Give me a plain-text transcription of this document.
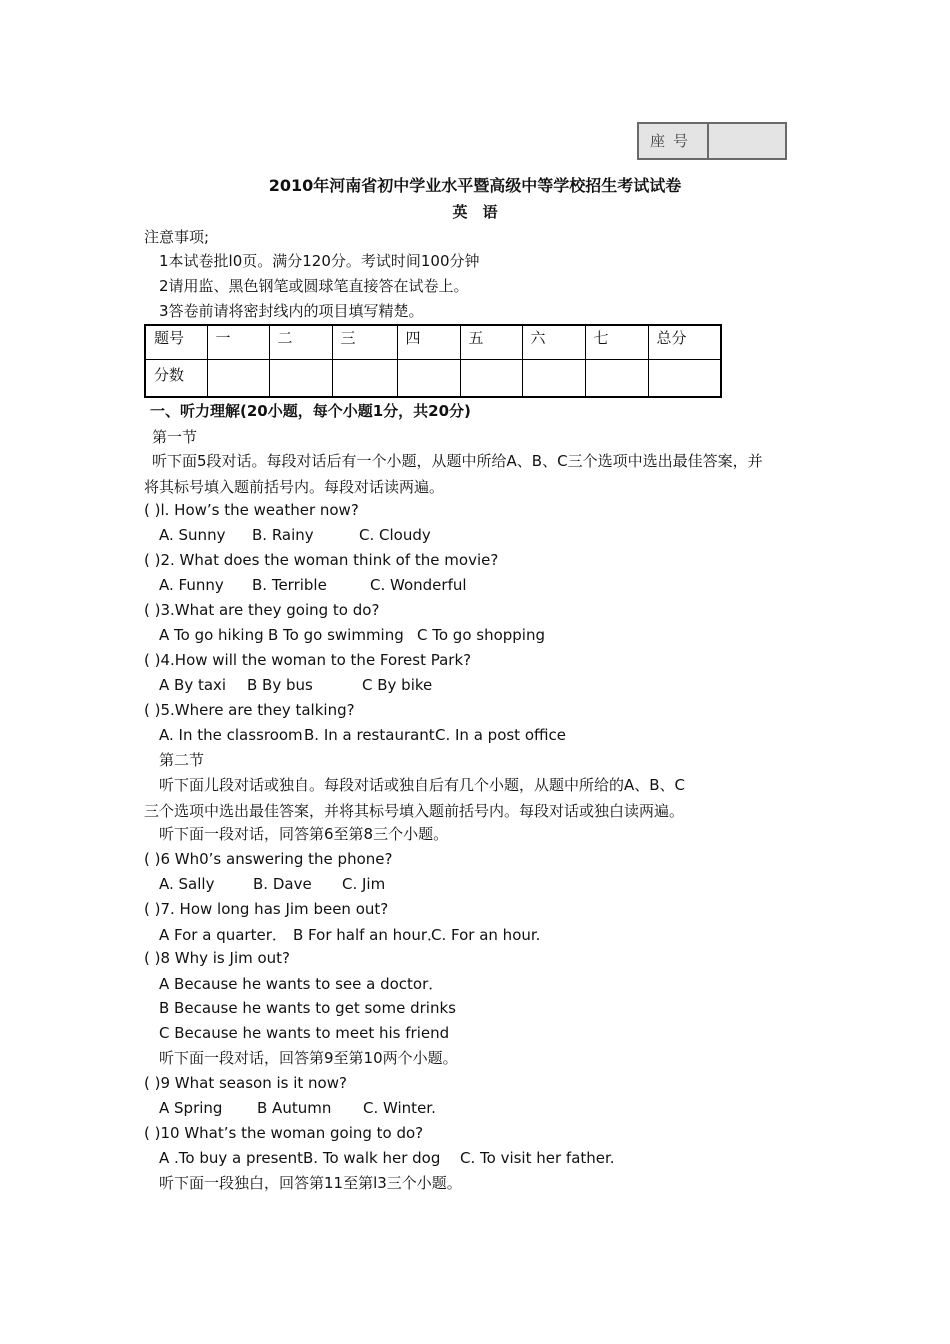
座号
2010年河南省初中学业水平暨高级中等学校招生考试试卷
英　语
注意事项;
1本试卷批l0页。满分120分。考试时间100分钟
2请用监、黑色钢笔或圆球笔直接答在试卷上。
3答卷前请将密封线内的项目填写精楚。
题号	一	二	三	四	五	六	七	总分
分数								
一、听力理解(20小题，每个小题1分，共20分)
第一节
听下面5段对话。每段对话后有一个小题，从题中所给A、B、C三个选项中选出最佳答案，并
将其标号填入题前括号内。每段对话读两遍。
( )l. How’s the weather now?
A. Sunny B. Rainy	C. Cloudy
( )2. What does the woman think of the movie?
A. Funny B. Terrible	C. Wonderful
( )3.What are they going to do?
A To go hiking B To go swimming C To go shopping
( )4.How will the woman to the Forest Park?
A By taxi B By bus	C By bike
( )5.Where are they talking?
A. In the classroom B. In a restaurant C. In a post office
第二节
听下面儿段对话或独自。每段对话或独自后有几个小题，从题中所给的A、B、C
三个选项中选出最佳答案，并将其标号填入题前括号内。每段对话或独白读两遍。
听下面一段对话，同答第6至第8三个小题。
( )6 Wh0’s answering the phone?
A. Sally	B. Dave C. Jim
( )7. How long has Jim been out?
A For a quarter． B For half an hour．
C. For an hour.
( )8 Why is Jim out?
A Because he wants to see a doctor．
B Because he wants to get some drinks
C Because he wants to meet his friend
听下面一段对话，回答第9至第10两个小题。
( )9 What season is it now?
A Spring B Autumn C. Winter.
( )10 What’s the woman going to do?
A .To buy a present B. To walk her dog C. To visit her father.
听下面一段独白，回答第11至第l3三个小题。
